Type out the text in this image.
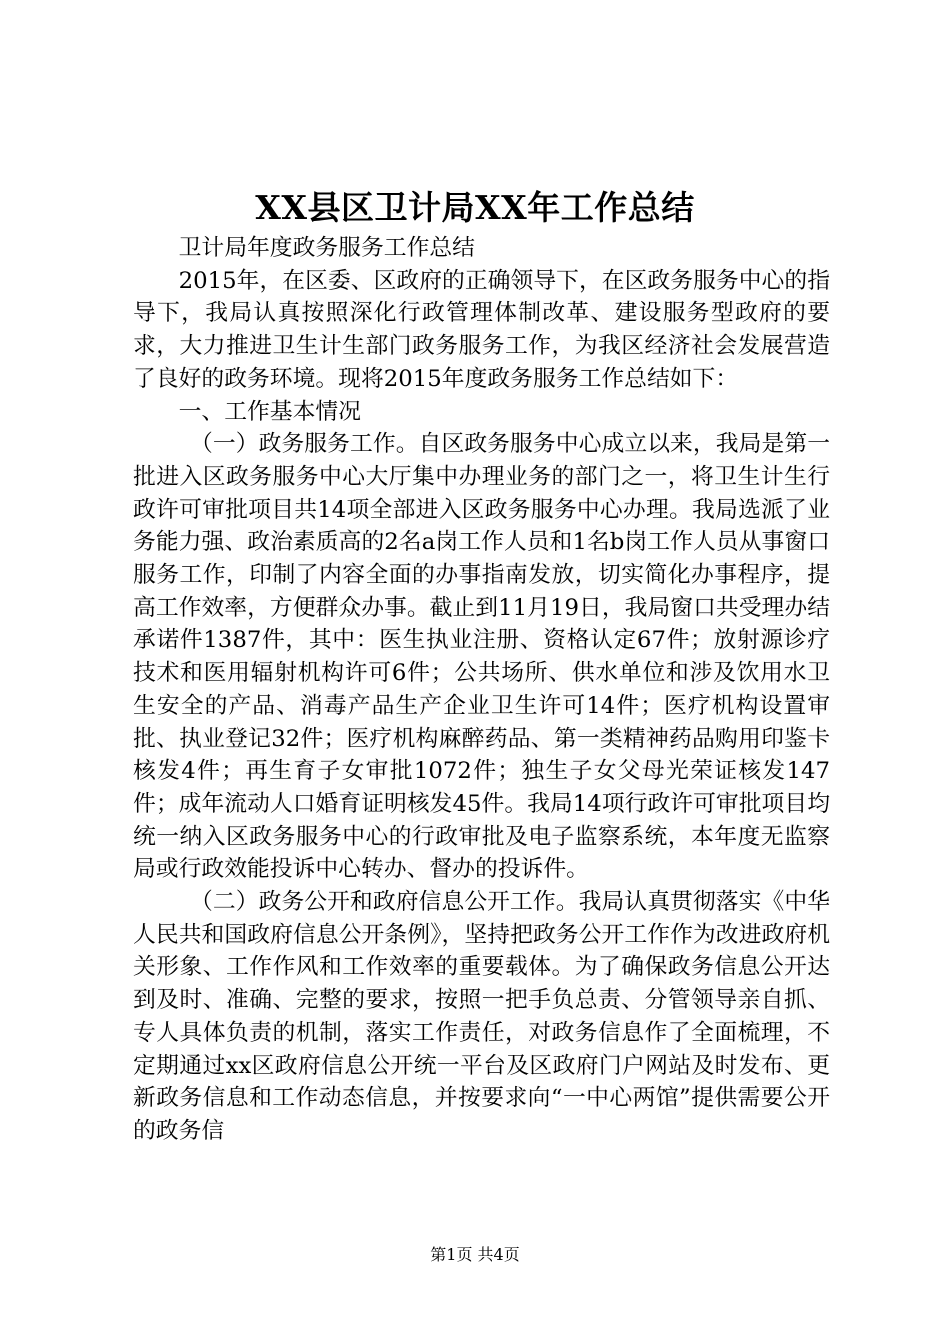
XX县区卫计局XX年工作总结

卫计局年度政务服务工作总结

2015年，在区委、区政府的正确领导下，在区政务服务中心的指导下，我局认真按照深化行政管理体制改革、建设服务型政府的要求，大力推进卫生计生部门政务服务工作，为我区经济社会发展营造了良好的政务环境。现将2015年度政务服务工作总结如下：

一、工作基本情况

（一）政务服务工作。自区政务服务中心成立以来，我局是第一批进入区政务服务中心大厅集中办理业务的部门之一，将卫生计生行政许可审批项目共14项全部进入区政务服务中心办理。我局选派了业务能力强、政治素质高的2名a岗工作人员和1名b岗工作人员从事窗口服务工作，印制了内容全面的办事指南发放，切实简化办事程序，提高工作效率，方便群众办事。截止到11月19日，我局窗口共受理办结承诺件1387件，其中：医生执业注册、资格认定67件；放射源诊疗技术和医用辐射机构许可6件；公共场所、供水单位和涉及饮用水卫生安全的产品、消毒产品生产企业卫生许可14件；医疗机构设置审批、执业登记32件；医疗机构麻醉药品、第一类精神药品购用印鉴卡核发4件；再生育子女审批1072件；独生子女父母光荣证核发147件；成年流动人口婚育证明核发45件。我局14项行政许可审批项目均统一纳入区政务服务中心的行政审批及电子监察系统，本年度无监察局或行政效能投诉中心转办、督办的投诉件。

（二）政务公开和政府信息公开工作。我局认真贯彻落实《中华人民共和国政府信息公开条例》，坚持把政务公开工作作为改进政府机关形象、工作作风和工作效率的重要载体。为了确保政务信息公开达到及时、准确、完整的要求，按照一把手负总责、分管领导亲自抓、专人具体负责的机制，落实工作责任，对政务信息作了全面梳理，不定期通过xx区政府信息公开统一平台及区政府门户网站及时发布、更新政务信息和工作动态信息，并按要求向“一中心两馆”提供需要公开的政务信

第1页 共4页
